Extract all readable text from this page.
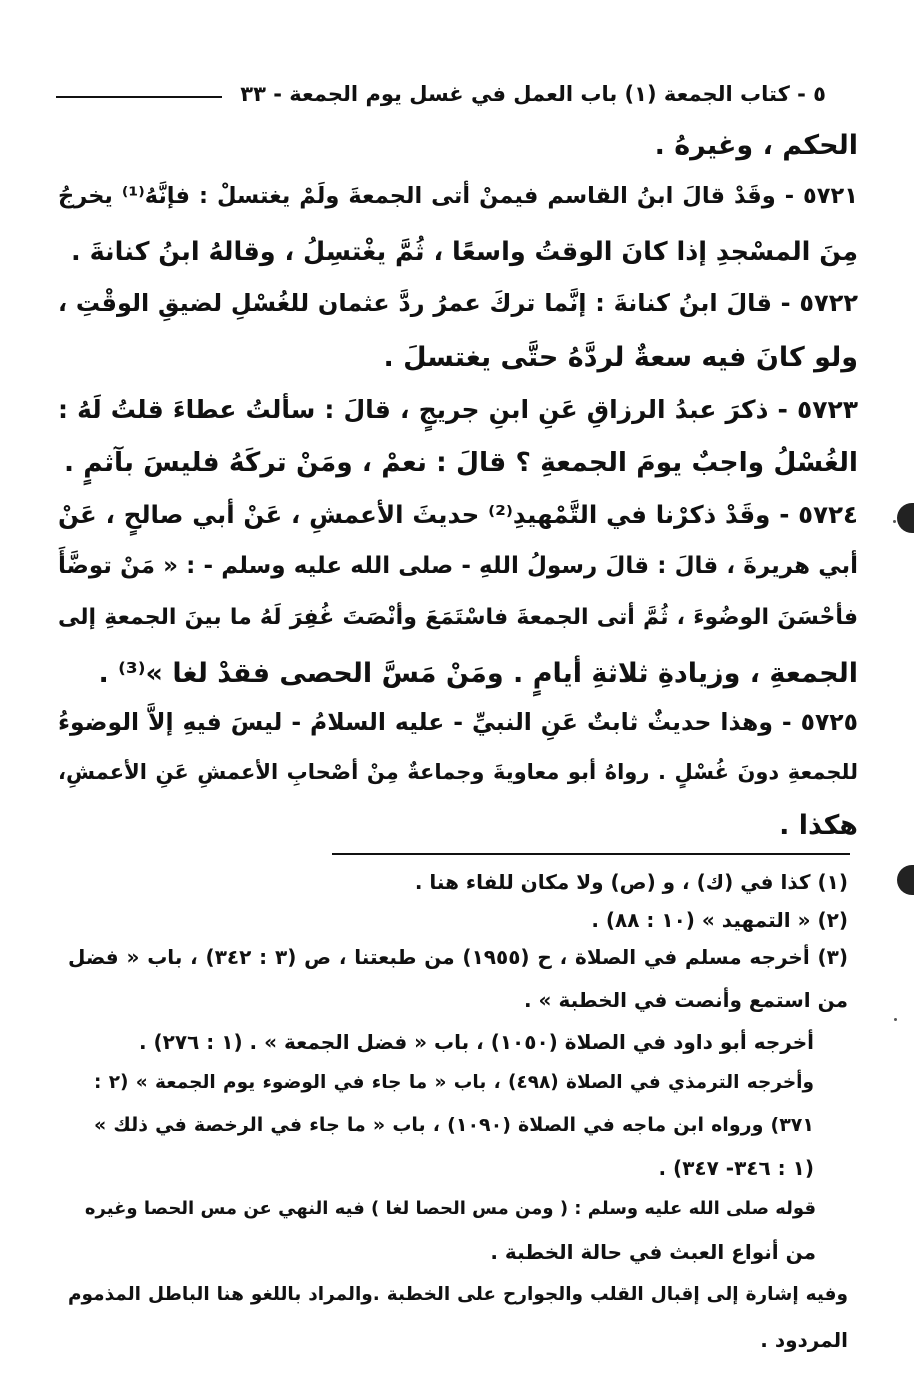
٥ - كتاب الجمعة (١) باب العمل في غسل يوم الجمعة - ٣٣
الحكم ، وغيرهُ .
٥٧٢١ - وقَدْ قالَ ابنُ القاسم فيمنْ أتى الجمعةَ ولَمْ يغتسلْ : فإنَّهُ⁽¹⁾ يخرجُ
مِنَ المسْجدِ إذا كانَ الوقتُ واسعًا ، ثُمَّ يغْتسِلُ ، وقالهُ ابنُ كنانةَ .
٥٧٢٢ - قالَ ابنُ كنانةَ : إنَّما تركَ عمرُ ردَّ عثمان للغُسْلِ لضيقِ الوقْتِ ،
ولو كانَ فيه سعةٌ لردَّهُ حتَّى يغتسلَ .
٥٧٢٣ - ذكرَ عبدُ الرزاقِ عَنِ ابنِ جريجٍ ، قالَ : سألتُ عطاءَ قلتُ لَهُ :
الغُسْلُ واجبٌ يومَ الجمعةِ ؟ قالَ : نعمْ ، ومَنْ تركَهُ فليسَ بآثمٍ .
٥٧٢٤ - وقَدْ ذكرْنا في التَّمْهيدِ⁽²⁾ حديثَ الأعمشِ ، عَنْ أبي صالحٍ ، عَنْ
أبي هريرةَ ، قالَ : قالَ رسولُ اللهِ - صلى الله عليه وسلم - : « مَنْ توضَّأَ
فأحْسَنَ الوضُوءَ ، ثُمَّ أتى الجمعةَ فاسْتَمَعَ وأنْصَتَ غُفِرَ لَهُ ما بينَ الجمعةِ إلى
الجمعةِ ، وزيادةِ ثلاثةِ أيامٍ . ومَنْ مَسَّ الحصى فقدْ لغا »⁽³⁾ .
٥٧٢٥ - وهذا حديثٌ ثابتٌ عَنِ النبيِّ - عليه السلامُ - ليسَ فيهِ إلاَّ الوضوءُ
للجمعةِ دونَ غُسْلٍ . رواهُ أبو معاويةَ وجماعةٌ مِنْ أصْحابِ الأعمشِ عَنِ الأعمشِ،
هكذا .
(١) كذا في (ك) ، و (ص) ولا مكان للفاء هنا .
(٢) « التمهيد » (١٠ : ٨٨) .
(٣) أخرجه مسلم في الصلاة ، ح (١٩٥٥) من طبعتنا ، ص (٣ : ٣٤٢) ، باب « فضل
من استمع وأنصت في الخطبة » .
أخرجه أبو داود في الصلاة (١٠٥٠) ، باب « فضل الجمعة » . (١ : ٢٧٦) .
وأخرجه الترمذي في الصلاة (٤٩٨) ، باب « ما جاء في الوضوء يوم الجمعة » (٢ :
٣٧١) ورواه ابن ماجه في الصلاة (١٠٩٠) ، باب « ما جاء في الرخصة في ذلك »
(١ : ٣٤٦- ٣٤٧) .
قوله صلى الله عليه وسلم : ( ومن مس الحصا لغا ) فيه النهي عن مس الحصا وغيره
من أنواع العبث في حالة الخطبة .
وفيه إشارة إلى إقبال القلب والجوارح على الخطبة .والمراد باللغو هنا الباطل المذموم
المردود .
